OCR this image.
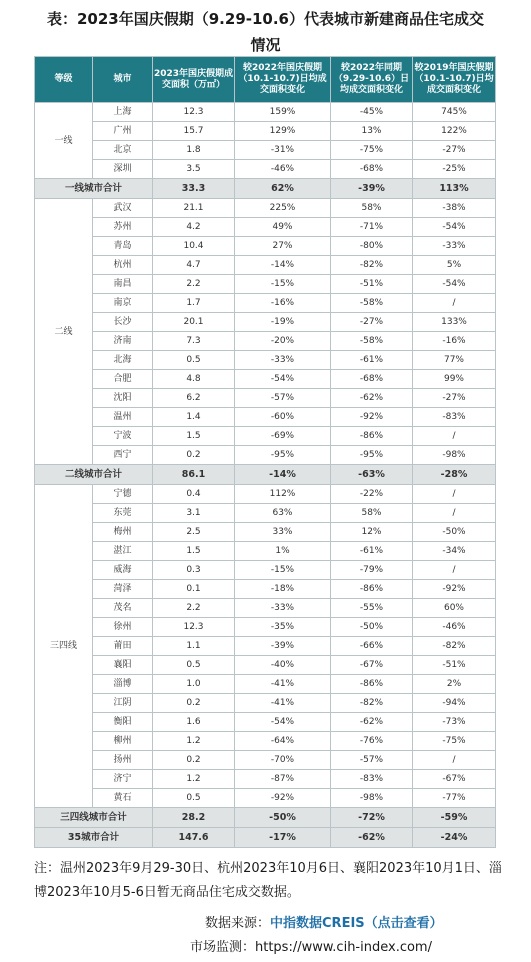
表：2023年国庆假期（9.29-10.6）代表城市新建商品住宅成交
情况
等级	城市	2023年国庆假期成交面积（万㎡）	较2022年国庆假期（10.1-10.7)日均成交面积变化	较2022年同期（9.29-10.6）日均成交面积变化	较2019年国庆假期（10.1-10.7)日均成交面积变化
一线	上海	12.3	159%	-45%	745%
	广州	15.7	129%	13%	122%
	北京	1.8	-31%	-75%	-27%
	深圳	3.5	-46%	-68%	-25%
一线城市合计		33.3	62%	-39%	113%
二线	武汉	21.1	225%	58%	-38%
	苏州	4.2	49%	-71%	-54%
	青岛	10.4	27%	-80%	-33%
	杭州	4.7	-14%	-82%	5%
	南昌	2.2	-15%	-51%	-54%
	南京	1.7	-16%	-58%	/
	长沙	20.1	-19%	-27%	133%
	济南	7.3	-20%	-58%	-16%
	北海	0.5	-33%	-61%	77%
	合肥	4.8	-54%	-68%	99%
	沈阳	6.2	-57%	-62%	-27%
	温州	1.4	-60%	-92%	-83%
	宁波	1.5	-69%	-86%	/
	西宁	0.2	-95%	-95%	-98%
二线城市合计		86.1	-14%	-63%	-28%
三四线	宁德	0.4	112%	-22%	/
	东莞	3.1	63%	58%	/
	梅州	2.5	33%	12%	-50%
	湛江	1.5	1%	-61%	-34%
	威海	0.3	-15%	-79%	/
	菏泽	0.1	-18%	-86%	-92%
	茂名	2.2	-33%	-55%	60%
	徐州	12.3	-35%	-50%	-46%
	莆田	1.1	-39%	-66%	-82%
	襄阳	0.5	-40%	-67%	-51%
	淄博	1.0	-41%	-86%	2%
	江阴	0.2	-41%	-82%	-94%
	衡阳	1.6	-54%	-62%	-73%
	柳州	1.2	-64%	-76%	-75%
	扬州	0.2	-70%	-57%	/
	济宁	1.2	-87%	-83%	-67%
	黄石	0.5	-92%	-98%	-77%
三四线城市合计		28.2	-50%	-72%	-59%
35城市合计		147.6	-17%	-62%	-24%
注：温州2023年9月29-30日、杭州2023年10月6日、襄阳2023年10月1日、淄博2023年10月5-6日暂无商品住宅成交数据。
数据来源：中指数据CREIS（点击查看）
市场监测：https://www.cih-index.com/
